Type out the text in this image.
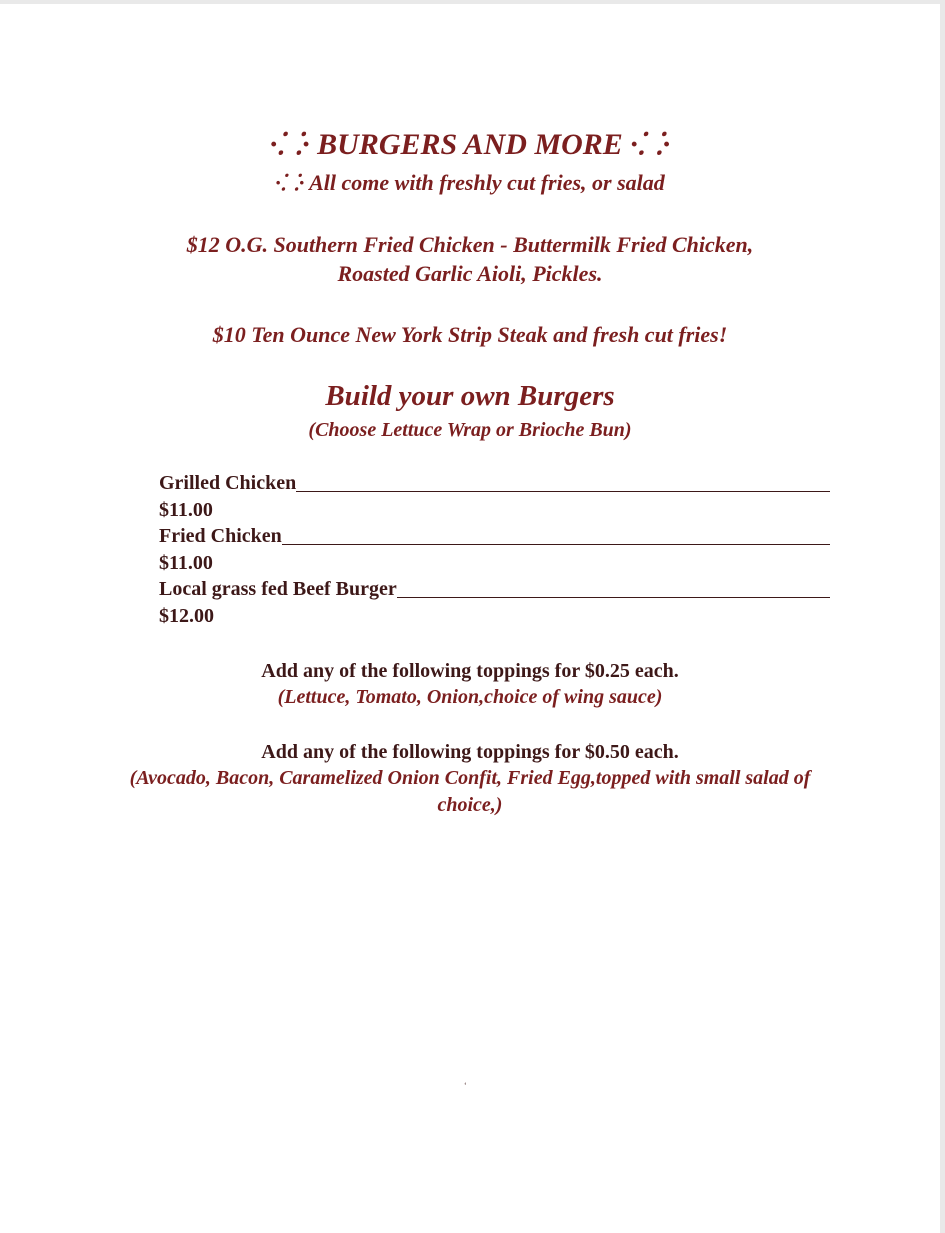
·⸬· BURGERS AND MORE ·⸬·
·⸬· All come with freshly cut fries, or salad
$12 O.G. Southern Fried Chicken - Buttermilk Fried Chicken,
Roasted Garlic Aioli, Pickles.
$10 Ten Ounce New York Strip Steak and fresh cut fries!
Build your own Burgers
(Choose Lettuce Wrap or Brioche Bun)
Grilled Chicken
$11.00
Fried Chicken
$11.00
Local grass fed Beef Burger
$12.00
Add any of the following toppings for $0.25 each.
(Lettuce, Tomato, Onion,choice of wing sauce)
Add any of the following toppings for $0.50 each.
(Avocado, Bacon, Caramelized Onion Confit, Fried Egg,topped with small salad of choice,)
‘
